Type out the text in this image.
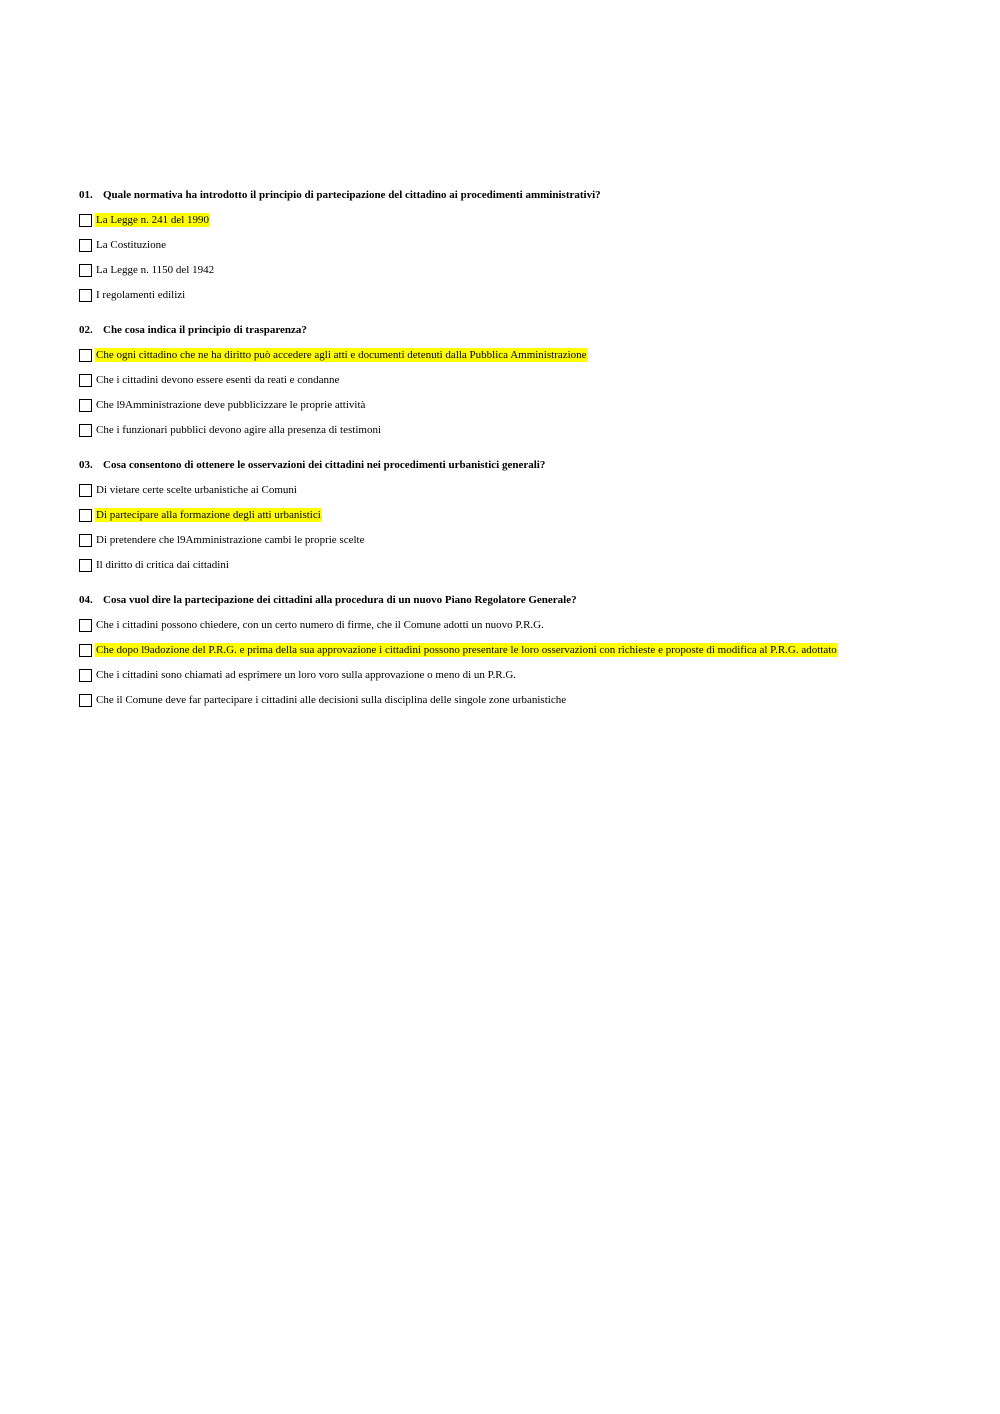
01. Quale normativa ha introdotto il principio di partecipazione del cittadino ai procedimenti amministrativi?
La Legge n. 241 del 1990
La Costituzione
La Legge n. 1150 del 1942
I regolamenti edilizi
02. Che cosa indica il principio di trasparenza?
Che ogni cittadino che ne ha diritto può accedere agli atti e documenti detenuti dalla Pubblica Amministrazione
Che i cittadini devono essere esenti da reati e condanne
Che l9Amministrazione deve pubblicizzare le proprie attività
Che i funzionari pubblici devono agire alla presenza di testimoni
03. Cosa consentono di ottenere le osservazioni dei cittadini nei procedimenti urbanistici generali?
Di vietare certe scelte urbanistiche ai Comuni
Di partecipare alla formazione degli atti urbanistici
Di pretendere che l9Amministrazione cambi le proprie scelte
Il diritto di critica dai cittadini
04. Cosa vuol dire la partecipazione dei cittadini alla procedura di un nuovo Piano Regolatore Generale?
Che i cittadini possono chiedere, con un certo numero di firme, che il Comune adotti un nuovo P.R.G.
Che dopo l9adozione del P.R.G. e prima della sua approvazione i cittadini possono presentare le loro osservazioni con richieste e proposte di modifica al P.R.G. adottato
Che i cittadini sono chiamati ad esprimere un loro voro sulla approvazione o meno di un P.R.G.
Che il Comune deve far partecipare i cittadini alle decisioni sulla disciplina delle singole zone urbanistiche
